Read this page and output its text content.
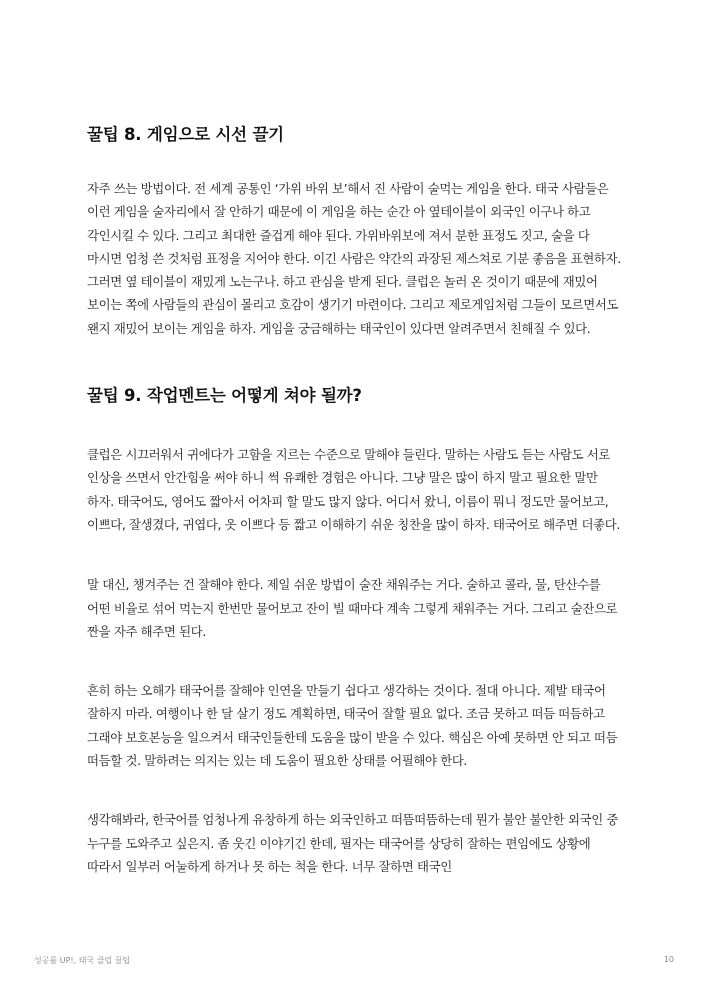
꿀팁 8. 게임으로 시선 끌기

자주 쓰는 방법이다. 전 세계 공통인 ‘가위 바위 보’해서 진 사람이 술먹는 게임을 한다. 태국 사람들은 이런 게임을 술자리에서 잘 안하기 때문에 이 게임을 하는 순간 아 옆테이블이 외국인 이구나 하고 각인시킬 수 있다. 그리고 최대한 즐겁게 해야 된다. 가위바위보에 져서 분한 표정도 짓고, 술을 다 마시면 엄청 쓴 것처럼 표정을 지어야 한다. 이긴 사람은 약간의 과장된 제스쳐로 기분 좋음을 표현하자. 그러면 옆 테이블이 재밌게 노는구나. 하고 관심을 받게 된다. 클럽은 놀러 온 것이기 때문에 재밌어 보이는 쪽에 사람들의 관심이 몰리고 호감이 생기기 마련이다. 그리고 제로게임처럼 그들이 모르면서도 왠지 재밌어 보이는 게임을 하자. 게임을 궁금해하는 태국인이 있다면 알려주면서 친해질 수 있다.

꿀팁 9. 작업멘트는 어떻게 쳐야 될까?

클럽은 시끄러워서 귀에다가 고함을 지르는 수준으로 말해야 들린다. 말하는 사람도 듣는 사람도 서로 인상을 쓰면서 안간힘을 써야 하니 썩 유쾌한 경험은 아니다. 그냥 말은 많이 하지 말고 필요한 말만 하자. 태국어도, 영어도 짧아서 어차피 할 말도 많지 않다. 어디서 왔니, 이름이 뭐니 정도만 물어보고, 이쁘다, 잘생겼다, 귀엽다, 옷 이쁘다 등 짧고 이해하기 쉬운 칭찬을 많이 하자. 태국어로 해주면 더좋다.

말 대신, 챙겨주는 건 잘해야 한다. 제일 쉬운 방법이 술잔 채워주는 거다. 술하고 콜라, 물, 탄산수를 어떤 비율로 섞어 먹는지 한번만 물어보고 잔이 빌 때마다 계속 그렇게 채워주는 거다. 그리고 술잔으로 짠을 자주 해주면 된다.

흔히 하는 오해가 태국어를 잘해야 인연을 만들기 쉽다고 생각하는 것이다. 절대 아니다. 제발 태국어 잘하지 마라. 여행이나 한 달 살기 정도 계획하면, 태국어 잘할 필요 없다. 조금 못하고 떠듬 떠듬하고 그래야 보호본능을 일으켜서 태국인들한테 도움을 많이 받을 수 있다. 핵심은 아예 못하면 안 되고 떠듬 떠듬할 것. 말하려는 의지는 있는 데 도움이 필요한 상태를 어필해야 한다.

생각해봐라, 한국어를 엄청나게 유창하게 하는 외국인하고 떠뜸떠뜸하는데 뭔가 불안 불안한 외국인 중 누구를 도와주고 싶은지. 좀 웃긴 이야기긴 한데, 필자는 태국어를 상당히 잘하는 편임에도 상황에 따라서 일부러 어눌하게 하거나 못 하는 척을 한다. 너무 잘하면 태국인

성공률 UP!, 태국 클럽 꿀팁	10
